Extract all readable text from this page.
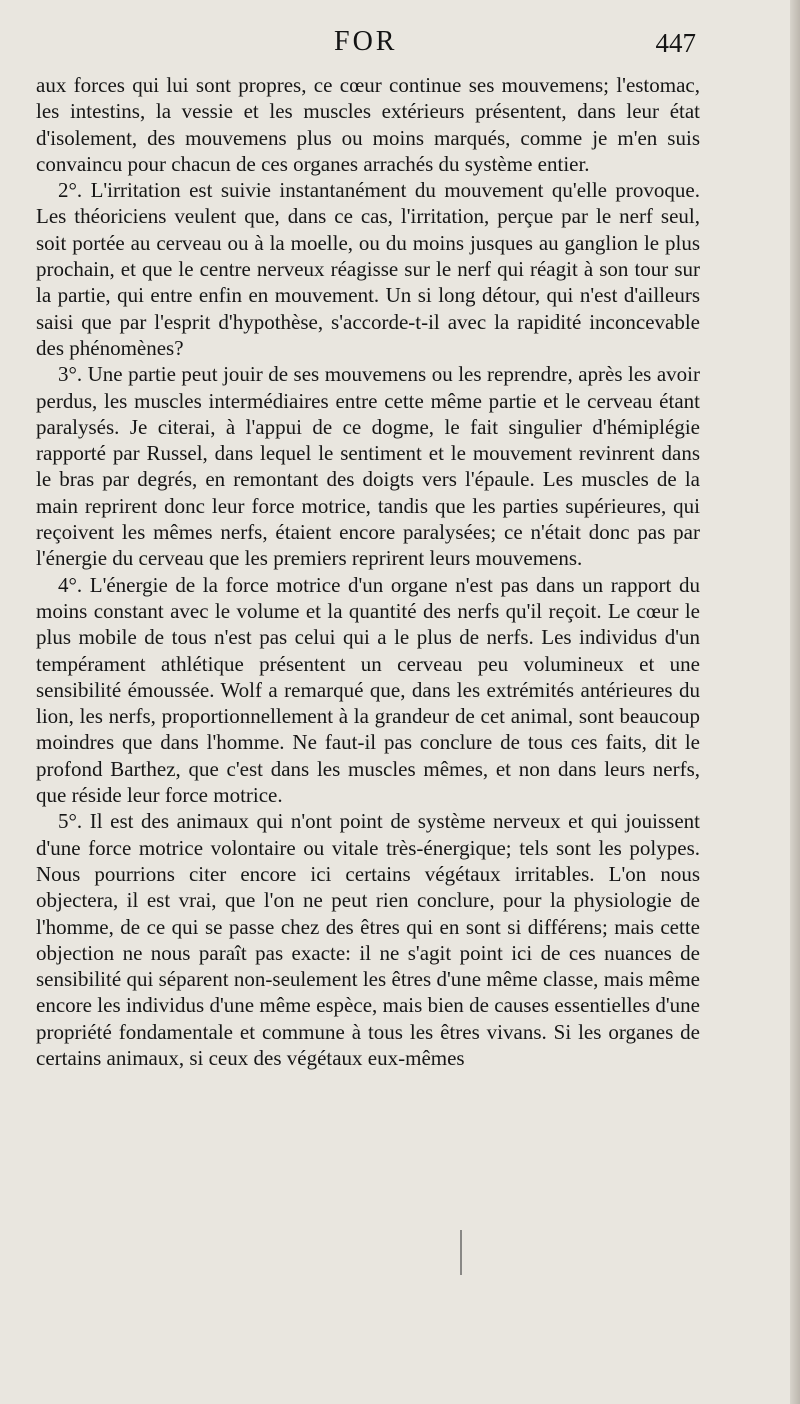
FOR	447

aux forces qui lui sont propres, ce cœur continue ses mouvemens; l'estomac, les intestins, la vessie et les muscles extérieurs présentent, dans leur état d'isolement, des mouvemens plus ou moins marqués, comme je m'en suis convaincu pour chacun de ces organes arrachés du système entier.

2°. L'irritation est suivie instantanément du mouvement qu'elle provoque. Les théoriciens veulent que, dans ce cas, l'irritation, perçue par le nerf seul, soit portée au cerveau ou à la moelle, ou du moins jusques au ganglion le plus prochain, et que le centre nerveux réagisse sur le nerf qui réagit à son tour sur la partie, qui entre enfin en mouvement. Un si long détour, qui n'est d'ailleurs saisi que par l'esprit d'hypothèse, s'accorde-t-il avec la rapidité inconcevable des phénomènes?

3°. Une partie peut jouir de ses mouvemens ou les reprendre, après les avoir perdus, les muscles intermédiaires entre cette même partie et le cerveau étant paralysés. Je citerai, à l'appui de ce dogme, le fait singulier d'hémiplégie rapporté par Russel, dans lequel le sentiment et le mouvement revinrent dans le bras par degrés, en remontant des doigts vers l'épaule. Les muscles de la main reprirent donc leur force motrice, tandis que les parties supérieures, qui reçoivent les mêmes nerfs, étaient encore paralysées; ce n'était donc pas par l'énergie du cerveau que les premiers reprirent leurs mouvemens.

4°. L'énergie de la force motrice d'un organe n'est pas dans un rapport du moins constant avec le volume et la quantité des nerfs qu'il reçoit. Le cœur le plus mobile de tous n'est pas celui qui a le plus de nerfs. Les individus d'un tempérament athlétique présentent un cerveau peu volumineux et une sensibilité émoussée. Wolf a remarqué que, dans les extrémités antérieures du lion, les nerfs, proportionnellement à la grandeur de cet animal, sont beaucoup moindres que dans l'homme. Ne faut-il pas conclure de tous ces faits, dit le profond Barthez, que c'est dans les muscles mêmes, et non dans leurs nerfs, que réside leur force motrice.

5°. Il est des animaux qui n'ont point de système nerveux et qui jouissent d'une force motrice volontaire ou vitale très-énergique; tels sont les polypes. Nous pourrions citer encore ici certains végétaux irritables. L'on nous objectera, il est vrai, que l'on ne peut rien conclure, pour la physiologie de l'homme, de ce qui se passe chez des êtres qui en sont si différens; mais cette objection ne nous paraît pas exacte: il ne s'agit point ici de ces nuances de sensibilité qui séparent non-seulement les êtres d'une même classe, mais même encore les individus d'une même espèce, mais bien de causes essentielles d'une propriété fondamentale et commune à tous les êtres vivans. Si les organes de certains animaux, si ceux des végétaux eux-mêmes
